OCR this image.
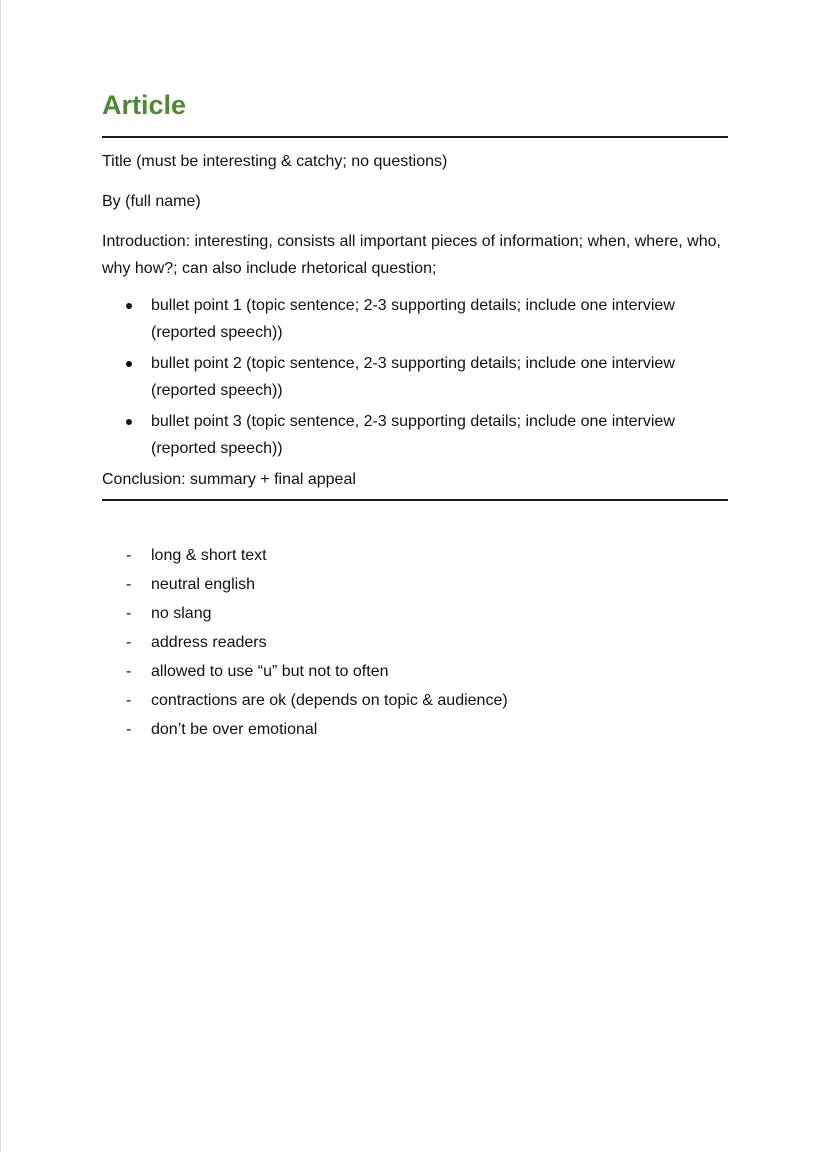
Article

Title (must be interesting & catchy; no questions)

By (full name)

Introduction: interesting, consists all important pieces of information; when, where, who, why how?; can also include rhetorical question;

bullet point 1 (topic sentence; 2-3 supporting details; include one interview (reported speech))
bullet point 2 (topic sentence, 2-3 supporting details; include one interview (reported speech))
bullet point 3 (topic sentence, 2-3 supporting details; include one interview (reported speech))

Conclusion: summary + final appeal

- long & short text
- neutral english
- no slang
- address readers
- allowed to use “u” but not to often
- contractions are ok (depends on topic & audience)
- don’t be over emotional
